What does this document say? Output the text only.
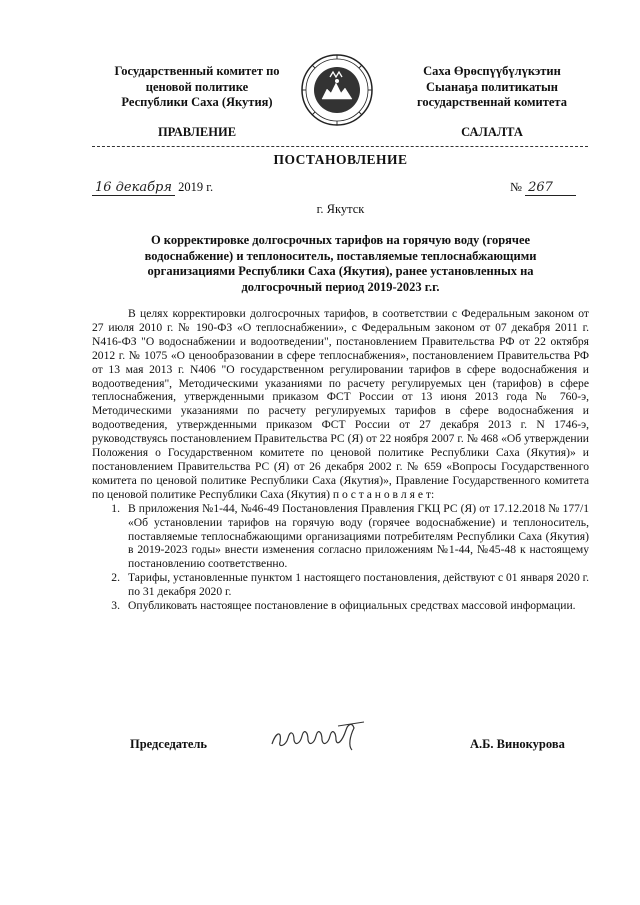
Государственный комитет по
ценовой политике
Республики Саха (Якутия)
Саха Өрөспүүбүлүкэтин
Сыанаҕа политикатын
государственнай комитета
ПРАВЛЕНИЕ	САЛАЛТА
ПОСТАНОВЛЕНИЕ
16 декабря 2019 г.	№ 267
г. Якутск
О корректировке долгосрочных тарифов на горячую воду (горячее
водоснабжение) и теплоноситель, поставляемые теплоснабжающими
организациями Республики Саха (Якутия), ранее установленных на
долгосрочный период 2019-2023 г.г.

В целях корректировки долгосрочных тарифов, в соответствии с Федеральным законом от 27 июля 2010 г. № 190-ФЗ «О теплоснабжении», с Федеральным законом от 07 декабря 2011 г. N416-ФЗ "О водоснабжении и водоотведении", постановлением Правительства РФ от 22 октября 2012 г. № 1075 «О ценообразовании в сфере теплоснабжения», постановлением Правительства РФ от 13 мая 2013 г. N406 "О государственном регулировании тарифов в сфере водоснабжения и водоотведения", Методическими указаниями по расчету регулируемых цен (тарифов) в сфере теплоснабжения, утвержденными приказом ФСТ России от 13 июня 2013 года № 760-э, Методическими указаниями по расчету регулируемых тарифов в сфере водоснабжения и водоотведения, утвержденными приказом ФСТ России от 27 декабря 2013 г. N 1746-э, руководствуясь постановлением Правительства РС (Я) от 22 ноября 2007 г. № 468 «Об утверждении Положения о Государственном комитете по ценовой политике Республики Саха (Якутия)» и постановлением Правительства РС (Я) от 26 декабря 2002 г. № 659 «Вопросы Государственного комитета по ценовой политике Республики Саха (Якутия)», Правление Государственного комитета по ценовой политике Республики Саха (Якутия) п о с т а н о в л я е т:

1. В приложения №1-44, №46-49 Постановления Правления ГКЦ РС (Я) от 17.12.2018 № 177/1 «Об установлении тарифов на горячую воду (горячее водоснабжение) и теплоноситель, поставляемые теплоснабжающими организациями потребителям Республики Саха (Якутия) в 2019-2023 годы» внести изменения согласно приложениям №1-44, №45-48 к настоящему постановлению соответственно.
2. Тарифы, установленные пунктом 1 настоящего постановления, действуют с 01 января 2020 г. по 31 декабря 2020 г.
3. Опубликовать настоящее постановление в официальных средствах массовой информации.
Председатель	А.Б. Винокурова
